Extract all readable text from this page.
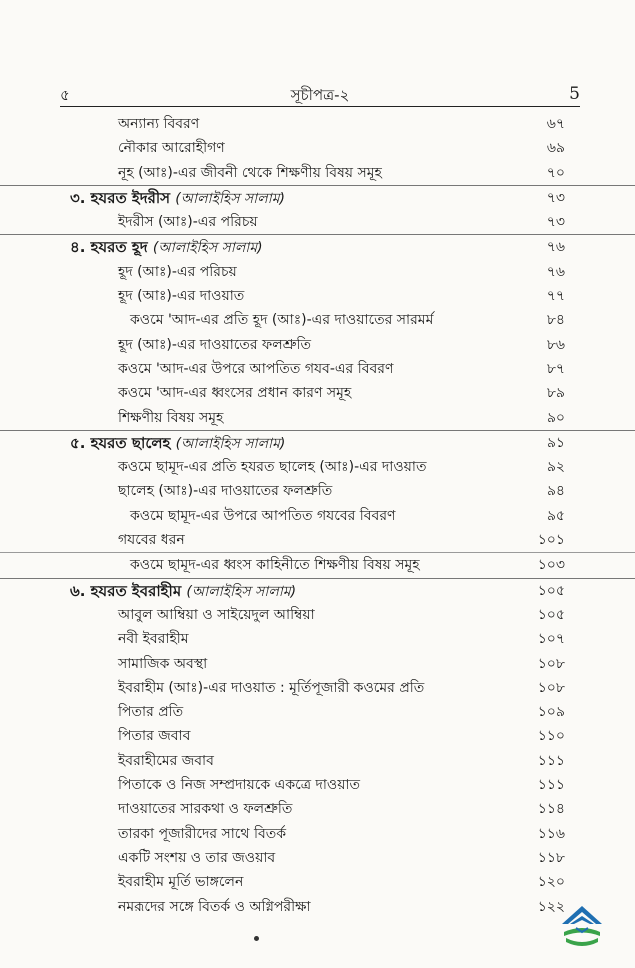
৫	সূচীপত্র-২	5
অন্যান্য বিবরণ	৬৭
নৌকার আরোহীগণ	৬৯
নূহ (আঃ)-এর জীবনী থেকে শিক্ষণীয় বিষয় সমূহ	৭০
৩. হযরত ইদরীস (আলাইহিস সালাম)	৭৩
ইদরীস (আঃ)-এর পরিচয়	৭৩
৪. হযরত হূদ (আলাইহিস সালাম)	৭৬
হূদ (আঃ)-এর পরিচয়	৭৬
হূদ (আঃ)-এর দাওয়াত	৭৭
কওমে 'আদ-এর প্রতি হূদ (আঃ)-এর দাওয়াতের সারমর্ম	৮৪
হূদ (আঃ)-এর দাওয়াতের ফলশ্রুতি	৮৬
কওমে 'আদ-এর উপরে আপতিত গযব-এর বিবরণ	৮৭
কওমে 'আদ-এর ধ্বংসের প্রধান কারণ সমূহ	৮৯
শিক্ষণীয় বিষয় সমূহ	৯০
৫. হযরত ছালেহ (আলাইহিস সালাম)	৯১
কওমে ছামূদ-এর প্রতি হযরত ছালেহ (আঃ)-এর দাওয়াত	৯২
ছালেহ (আঃ)-এর দাওয়াতের ফলশ্রুতি	৯৪
কওমে ছামূদ-এর উপরে আপতিত গযবের বিবরণ	৯৫
গযবের ধরন	১০১
কওমে ছামূদ-এর ধ্বংস কাহিনীতে শিক্ষণীয় বিষয় সমূহ	১০৩
৬. হযরত ইবরাহীম (আলাইহিস সালাম)	১০৫
আবুল আম্বিয়া ও সাইয়েদুল আম্বিয়া	১০৫
নবী ইবরাহীম	১০৭
সামাজিক অবস্থা	১০৮
ইবরাহীম (আঃ)-এর দাওয়াত : মূর্তিপূজারী কওমের প্রতি	১০৮
পিতার প্রতি	১০৯
পিতার জবাব	১১০
ইবরাহীমের জবাব	১১১
পিতাকে ও নিজ সম্প্রদায়কে একত্রে দাওয়াত	১১১
দাওয়াতের সারকথা ও ফলশ্রুতি	১১৪
তারকা পূজারীদের সাথে বিতর্ক	১১৬
একটি সংশয় ও তার জওয়াব	১১৮
ইবরাহীম মূর্তি ভাঙ্গলেন	১২০
নমরূদের সঙ্গে বিতর্ক ও অগ্নিপরীক্ষা	১২২
